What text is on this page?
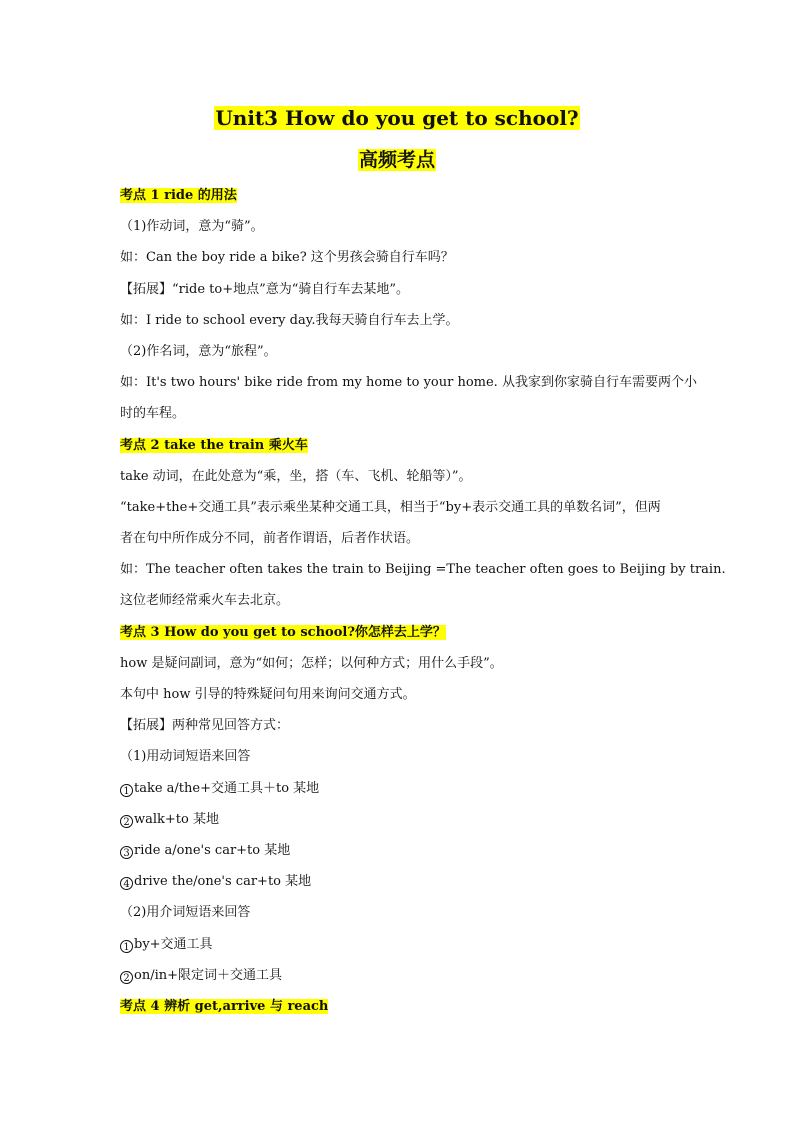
Unit3 How do you get to school?
高频考点
考点 1 ride 的用法
（1)作动词，意为“骑”。
如：Can the boy ride a bike? 这个男孩会骑自行车吗？
【拓展】“ride to+地点”意为“骑自行车去某地”。
如：I ride to school every day.我每天骑自行车去上学。
（2)作名词，意为“旅程”。
如：It's two hours' bike ride from my home to your home. 从我家到你家骑自行车需要两个小
时的车程。
考点 2 take the train 乘火车
take 动词，在此处意为“乘，坐，搭（车、飞机、轮船等）”。
“take+the+交通工具”表示乘坐某种交通工具，相当于“by+表示交通工具的单数名词”，但两
者在句中所作成分不同，前者作谓语，后者作状语。
如：The teacher often takes the train to Beijing =The teacher often goes to Beijing by train.
这位老师经常乘火车去北京。
考点 3 How do you get to school?你怎样去上学？
how 是疑问副词，意为“如何；怎样；以何种方式；用什么手段”。
本句中 how 引导的特殊疑问句用来询问交通方式。
【拓展】两种常见回答方式：
（1)用动词短语来回答
1 take a/the+交通工具＋to 某地
2 walk+to 某地
3 ride a/one's car+to 某地
4 drive the/one's car+to 某地
（2)用介词短语来回答
1 by+交通工具
2 on/in+限定词＋交通工具
考点 4 辨析 get,arrive 与 reach
